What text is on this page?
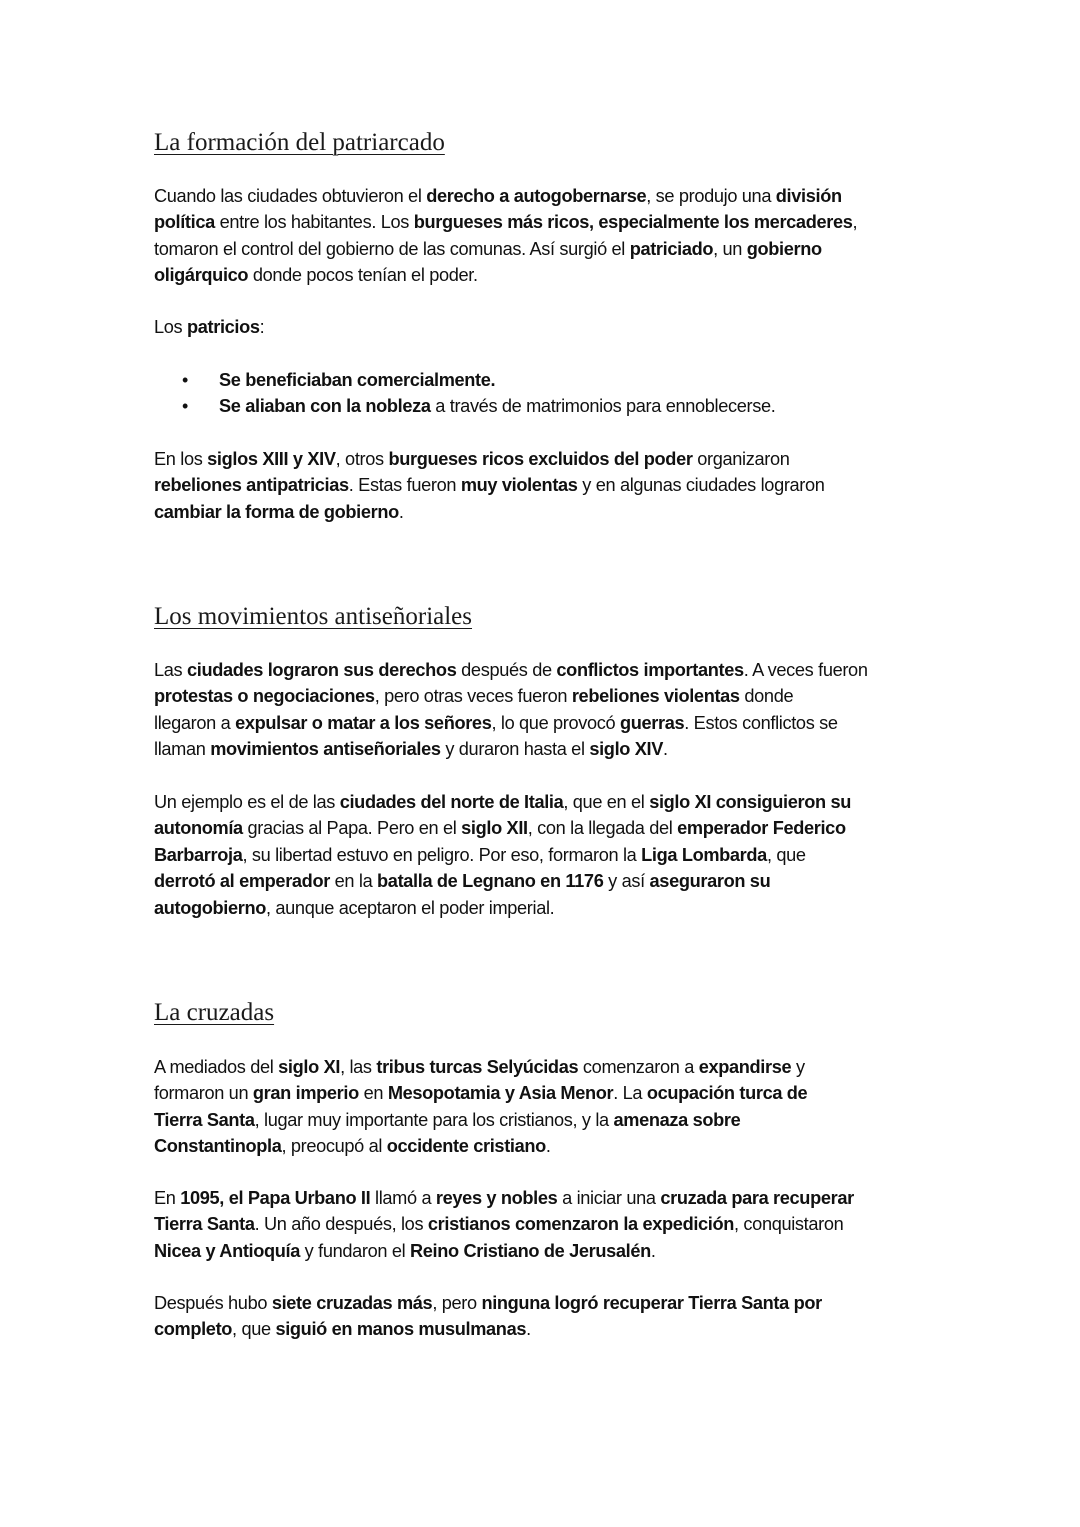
La formación del patriarcado

Cuando las ciudades obtuvieron el derecho a autogobernarse, se produjo una división
política entre los habitantes. Los burgueses más ricos, especialmente los mercaderes,
tomaron el control del gobierno de las comunas. Así surgió el patriciado, un gobierno
oligárquico donde pocos tenían el poder.

Los patricios:

• Se beneficiaban comercialmente.
• Se aliaban con la nobleza a través de matrimonios para ennoblecerse.

En los siglos XIII y XIV, otros burgueses ricos excluidos del poder organizaron
rebeliones antipatricias. Estas fueron muy violentas y en algunas ciudades lograron
cambiar la forma de gobierno.

Los movimientos antiseñoriales

Las ciudades lograron sus derechos después de conflictos importantes. A veces fueron
protestas o negociaciones, pero otras veces fueron rebeliones violentas donde
llegaron a expulsar o matar a los señores, lo que provocó guerras. Estos conflictos se
llaman movimientos antiseñoriales y duraron hasta el siglo XIV.

Un ejemplo es el de las ciudades del norte de Italia, que en el siglo XI consiguieron su
autonomía gracias al Papa. Pero en el siglo XII, con la llegada del emperador Federico
Barbarroja, su libertad estuvo en peligro. Por eso, formaron la Liga Lombarda, que
derrotó al emperador en la batalla de Legnano en 1176 y así aseguraron su
autogobierno, aunque aceptaron el poder imperial.

La cruzadas

A mediados del siglo XI, las tribus turcas Selyúcidas comenzaron a expandirse y
formaron un gran imperio en Mesopotamia y Asia Menor. La ocupación turca de
Tierra Santa, lugar muy importante para los cristianos, y la amenaza sobre
Constantinopla, preocupó al occidente cristiano.

En 1095, el Papa Urbano II llamó a reyes y nobles a iniciar una cruzada para recuperar
Tierra Santa. Un año después, los cristianos comenzaron la expedición, conquistaron
Nicea y Antioquía y fundaron el Reino Cristiano de Jerusalén.

Después hubo siete cruzadas más, pero ninguna logró recuperar Tierra Santa por
completo, que siguió en manos musulmanas.
